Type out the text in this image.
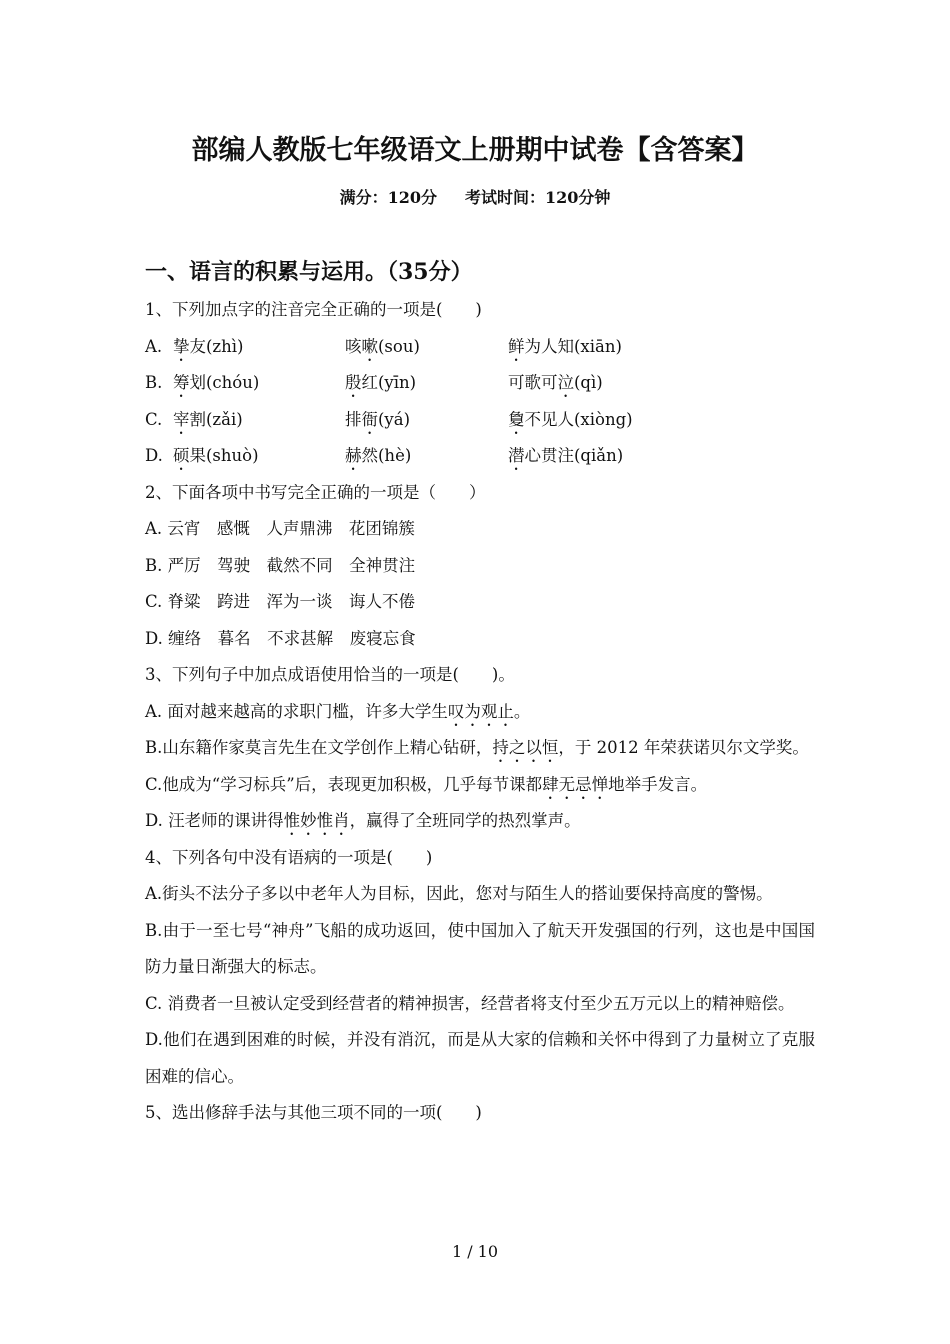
部编人教版七年级语文上册期中试卷【含答案】
满分：120分 考试时间：120分钟
一、语言的积累与运用。（35分）
1、下列加点字的注音完全正确的一项是(　　)
A. 挚友(zhì)	咳嗽(sou)	鲜为人知(xiān)
B. 筹划(chóu)	殷红(yīn)	可歌可泣(qì)
C. 宰割(zǎi)	排衙(yá)	敻不见人(xiòng)
D. 硕果(shuò)	赫然(hè)	潜心贯注(qiǎn)
2、下面各项中书写完全正确的一项是（　　）
A. 云宵　感慨　人声鼎沸　花团锦簇
B. 严厉　驾驶　截然不同　全神贯注
C. 脊粱　跨进　浑为一谈　诲人不倦
D. 缠络　暮名　不求甚解　废寝忘食
3、下列句子中加点成语使用恰当的一项是(　　)。
A. 面对越来越高的求职门槛，许多大学生叹为观止。
B.山东籍作家莫言先生在文学创作上精心钻研，持之以恒，于 2012 年荣获诺贝尔文学奖。
C.他成为“学习标兵”后，表现更加积极，几乎每节课都肆无忌惮地举手发言。
D. 汪老师的课讲得惟妙惟肖，赢得了全班同学的热烈掌声。
4、下列各句中没有语病的一项是(　　)
A.街头不法分子多以中老年人为目标，因此，您对与陌生人的搭讪要保持高度的警惕。
B.由于一至七号“神舟”飞船的成功返回，使中国加入了航天开发强国的行列，这也是中国国防力量日渐强大的标志。
C. 消费者一旦被认定受到经营者的精神损害，经营者将支付至少五万元以上的精神赔偿。
D.他们在遇到困难的时候，并没有消沉，而是从大家的信赖和关怀中得到了力量树立了克服困难的信心。
5、选出修辞手法与其他三项不同的一项(　　)
1 / 10
